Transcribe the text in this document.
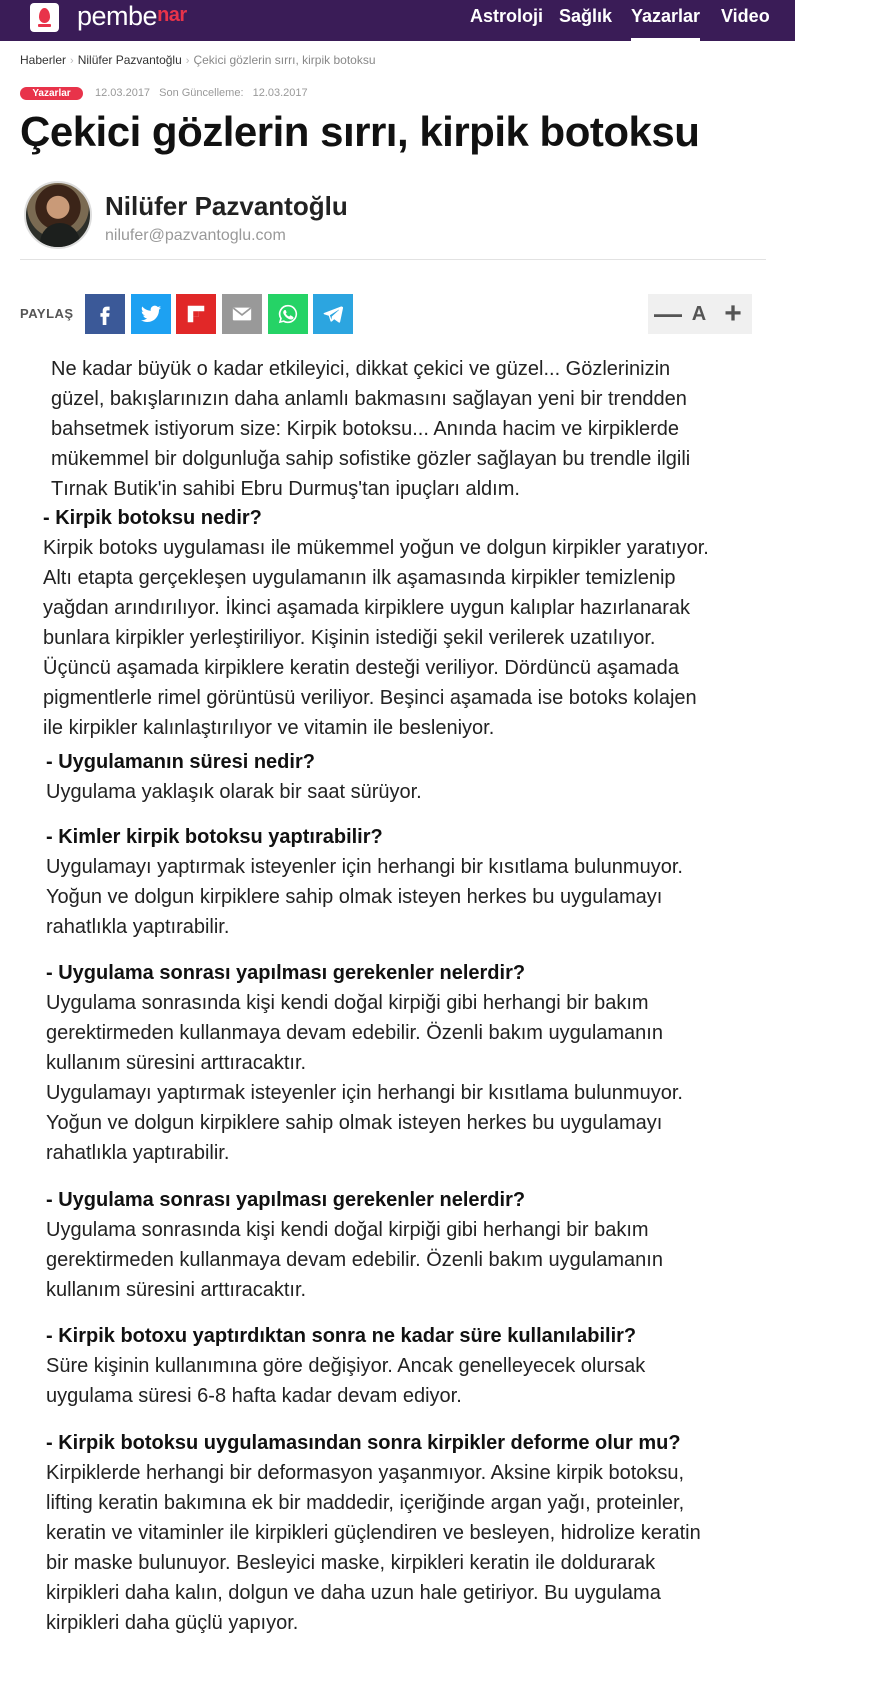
pembe nar	Astroloji Sağlık Yazarlar Video
Haberler › Nilüfer Pazvantoğlu › Çekici gözlerin sırrı, kirpik botoksu
Yazarlar	12.03.2017 Son Güncelleme: 12.03.2017
Çekici gözlerin sırrı, kirpik botoksu
Nilüfer Pazvantoğlu
nilufer@pazvantoglu.com
PAYLAŞ	— A +
Ne kadar büyük o kadar etkileyici, dikkat çekici ve güzel... Gözlerinizin
güzel, bakışlarınızın daha anlamlı bakmasını sağlayan yeni bir trendden
bahsetmek istiyorum size: Kirpik botoksu... Anında hacim ve kirpiklerde
mükemmel bir dolgunluğa sahip sofistike gözler sağlayan bu trendle ilgili
Tırnak Butik'in sahibi Ebru Durmuş'tan ipuçları aldım.
- Kirpik botoksu nedir?
Kirpik botoks uygulaması ile mükemmel yoğun ve dolgun kirpikler yaratıyor.
Altı etapta gerçekleşen uygulamanın ilk aşamasında kirpikler temizlenip
yağdan arındırılıyor. İkinci aşamada kirpiklere uygun kalıplar hazırlanarak
bunlara kirpikler yerleştiriliyor. Kişinin istediği şekil verilerek uzatılıyor.
Üçüncü aşamada kirpiklere keratin desteği veriliyor. Dördüncü aşamada
pigmentlerle rimel görüntüsü veriliyor. Beşinci aşamada ise botoks kolajen
ile kirpikler kalınlaştırılıyor ve vitamin ile besleniyor.
- Uygulamanın süresi nedir?
Uygulama yaklaşık olarak bir saat sürüyor.
- Kimler kirpik botoksu yaptırabilir?
Uygulamayı yaptırmak isteyenler için herhangi bir kısıtlama bulunmuyor.
Yoğun ve dolgun kirpiklere sahip olmak isteyen herkes bu uygulamayı
rahatlıkla yaptırabilir.
- Uygulama sonrası yapılması gerekenler nelerdir?
Uygulama sonrasında kişi kendi doğal kirpiği gibi herhangi bir bakım
gerektirmeden kullanmaya devam edebilir. Özenli bakım uygulamanın
kullanım süresini arttıracaktır.
Uygulamayı yaptırmak isteyenler için herhangi bir kısıtlama bulunmuyor.
Yoğun ve dolgun kirpiklere sahip olmak isteyen herkes bu uygulamayı
rahatlıkla yaptırabilir.
- Uygulama sonrası yapılması gerekenler nelerdir?
Uygulama sonrasında kişi kendi doğal kirpiği gibi herhangi bir bakım
gerektirmeden kullanmaya devam edebilir. Özenli bakım uygulamanın
kullanım süresini arttıracaktır.
- Kirpik botoxu yaptırdıktan sonra ne kadar süre kullanılabilir?
Süre kişinin kullanımına göre değişiyor. Ancak genelleyecek olursak
uygulama süresi 6-8 hafta kadar devam ediyor.
- Kirpik botoksu uygulamasından sonra kirpikler deforme olur mu?
Kirpiklerde herhangi bir deformasyon yaşanmıyor. Aksine kirpik botoksu,
lifting keratin bakımına ek bir maddedir, içeriğinde argan yağı, proteinler,
keratin ve vitaminler ile kirpikleri güçlendiren ve besleyen, hidrolize keratin
bir maske bulunuyor. Besleyici maske, kirpikleri keratin ile doldurarak
kirpikleri daha kalın, dolgun ve daha uzun hale getiriyor. Bu uygulama
kirpikleri daha güçlü yapıyor.
